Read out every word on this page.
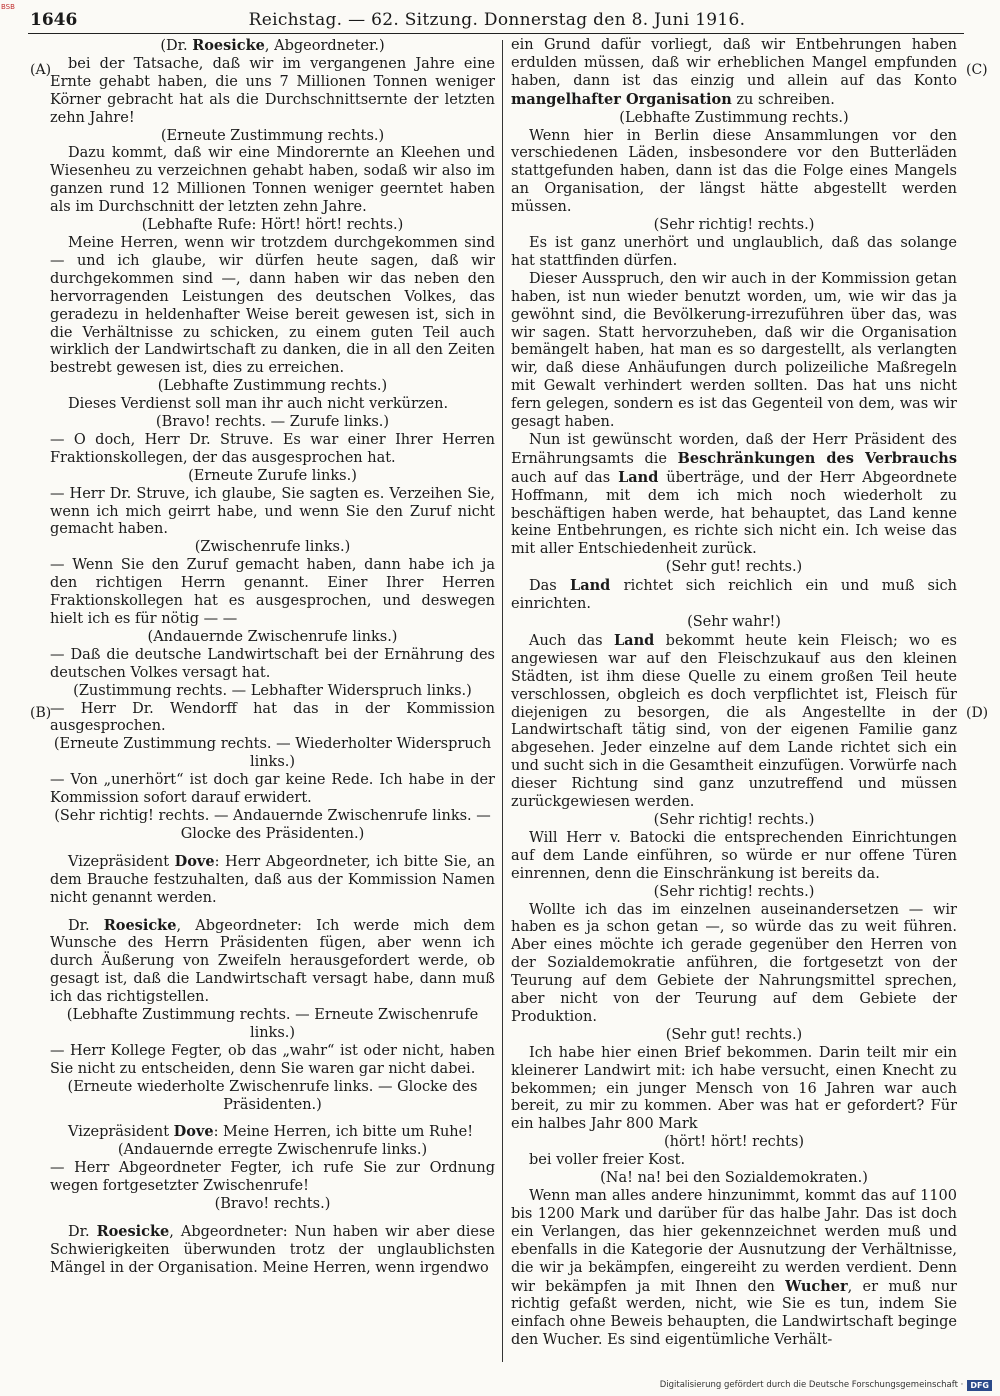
BSB
1646	Reichstag. — 62. Sitzung. Donnerstag den 8. Juni 1916.
(A)
(B)
(C)
(D)

(Dr. Roesicke, Abgeordneter.)

bei der Tatsache, daß wir im vergangenen Jahre eine Ernte gehabt haben, die uns 7 Millionen Tonnen weniger Körner gebracht hat als die Durchschnittsernte der letzten zehn Jahre!

(Erneute Zustimmung rechts.)

Dazu kommt, daß wir eine Mindorernte an Kleehen und Wiesenheu zu verzeichnen gehabt haben, sodaß wir also im ganzen rund 12 Millionen Tonnen weniger geerntet haben als im Durchschnitt der letzten zehn Jahre.

(Lebhafte Rufe: Hört! hört! rechts.)

Meine Herren, wenn wir trotzdem durchgekommen sind — und ich glaube, wir dürfen heute sagen, daß wir durchgekommen sind —, dann haben wir das neben den hervorragenden Leistungen des deutschen Volkes, das geradezu in heldenhafter Weise bereit gewesen ist, sich in die Verhältnisse zu schicken, zu einem guten Teil auch wirklich der Landwirtschaft zu danken, die in all den Zeiten bestrebt gewesen ist, dies zu erreichen.

(Lebhafte Zustimmung rechts.)

Dieses Verdienst soll man ihr auch nicht verkürzen.

(Bravo! rechts. — Zurufe links.)

— O doch, Herr Dr. Struve. Es war einer Ihrer Herren Fraktionskollegen, der das ausgesprochen hat.

(Erneute Zurufe links.)

— Herr Dr. Struve, ich glaube, Sie sagten es. Verzeihen Sie, wenn ich mich geirrt habe, und wenn Sie den Zuruf nicht gemacht haben.

(Zwischenrufe links.)

— Wenn Sie den Zuruf gemacht haben, dann habe ich ja den richtigen Herrn genannt. Einer Ihrer Herren Fraktionskollegen hat es ausgesprochen, und deswegen hielt ich es für nötig — —

(Andauernde Zwischenrufe links.)

— Daß die deutsche Landwirtschaft bei der Ernährung des deutschen Volkes versagt hat.

(Zustimmung rechts. — Lebhafter Widerspruch links.)

— Herr Dr. Wendorff hat das in der Kommission ausgesprochen.

(Erneute Zustimmung rechts. — Wiederholter Widerspruch links.)

— Von „unerhört“ ist doch gar keine Rede. Ich habe in der Kommission sofort darauf erwidert.

(Sehr richtig! rechts. — Andauernde Zwischenrufe links. — Glocke des Präsidenten.)

Vizepräsident Dove: Herr Abgeordneter, ich bitte Sie, an dem Brauche festzuhalten, daß aus der Kommission Namen nicht genannt werden.

Dr. Roesicke, Abgeordneter: Ich werde mich dem Wunsche des Herrn Präsidenten fügen, aber wenn ich durch Äußerung von Zweifeln herausgefordert werde, ob gesagt ist, daß die Landwirtschaft versagt habe, dann muß ich das richtigstellen.

(Lebhafte Zustimmung rechts. — Erneute Zwischenrufe links.)

— Herr Kollege Fegter, ob das „wahr“ ist oder nicht, haben Sie nicht zu entscheiden, denn Sie waren gar nicht dabei.

(Erneute wiederholte Zwischenrufe links. — Glocke des Präsidenten.)

Vizepräsident Dove: Meine Herren, ich bitte um Ruhe!

(Andauernde erregte Zwischenrufe links.)

— Herr Abgeordneter Fegter, ich rufe Sie zur Ordnung wegen fortgesetzter Zwischenrufe!

(Bravo! rechts.)

Dr. Roesicke, Abgeordneter: Nun haben wir aber diese Schwierigkeiten überwunden trotz der unglaublichsten Mängel in der Organisation. Meine Herren, wenn irgendwo

ein Grund dafür vorliegt, daß wir Entbehrungen haben erdulden müssen, daß wir erheblichen Mangel empfunden haben, dann ist das einzig und allein auf das Konto mangelhafter Organisation zu schreiben.

(Lebhafte Zustimmung rechts.)

Wenn hier in Berlin diese Ansammlungen vor den verschiedenen Läden, insbesondere vor den Butterläden stattgefunden haben, dann ist das die Folge eines Mangels an Organisation, der längst hätte abgestellt werden müssen.

(Sehr richtig! rechts.)

Es ist ganz unerhört und unglaublich, daß das solange hat stattfinden dürfen.

Dieser Ausspruch, den wir auch in der Kommission getan haben, ist nun wieder benutzt worden, um, wie wir das ja gewöhnt sind, die Bevölkerung-irrezuführen über das, was wir sagen. Statt hervorzuheben, daß wir die Organisation bemängelt haben, hat man es so dargestellt, als verlangten wir, daß diese Anhäufungen durch polizeiliche Maßregeln mit Gewalt verhindert werden sollten. Das hat uns nicht fern gelegen, sondern es ist das Gegenteil von dem, was wir gesagt haben.

Nun ist gewünscht worden, daß der Herr Präsident des Ernährungsamts die Beschränkungen des Verbrauchs auch auf das Land überträge, und der Herr Abgeordnete Hoffmann, mit dem ich mich noch wiederholt zu beschäftigen haben werde, hat behauptet, das Land kenne keine Entbehrungen, es richte sich nicht ein. Ich weise das mit aller Entschiedenheit zurück.

(Sehr gut! rechts.)

Das Land richtet sich reichlich ein und muß sich einrichten.

(Sehr wahr!)

Auch das Land bekommt heute kein Fleisch; wo es angewiesen war auf den Fleischzukauf aus den kleinen Städten, ist ihm diese Quelle zu einem großen Teil heute verschlossen, obgleich es doch verpflichtet ist, Fleisch für diejenigen zu besorgen, die als Angestellte in der Landwirtschaft tätig sind, von der eigenen Familie ganz abgesehen. Jeder einzelne auf dem Lande richtet sich ein und sucht sich in die Gesamtheit einzufügen. Vorwürfe nach dieser Richtung sind ganz unzutreffend und müssen zurückgewiesen werden.

(Sehr richtig! rechts.)

Will Herr v. Batocki die entsprechenden Einrichtungen auf dem Lande einführen, so würde er nur offene Türen einrennen, denn die Einschränkung ist bereits da.

(Sehr richtig! rechts.)

Wollte ich das im einzelnen auseinandersetzen — wir haben es ja schon getan —, so würde das zu weit führen. Aber eines möchte ich gerade gegenüber den Herren von der Sozialdemokratie anführen, die fortgesetzt von der Teurung auf dem Gebiete der Nahrungsmittel sprechen, aber nicht von der Teurung auf dem Gebiete der Produktion.

(Sehr gut! rechts.)

Ich habe hier einen Brief bekommen. Darin teilt mir ein kleinerer Landwirt mit: ich habe versucht, einen Knecht zu bekommen; ein junger Mensch von 16 Jahren war auch bereit, zu mir zu kommen. Aber was hat er gefordert? Für ein halbes Jahr 800 Mark

(hört! hört! rechts)

bei voller freier Kost.

(Na! na! bei den Sozialdemokraten.)

Wenn man alles andere hinzunimmt, kommt das auf 1100 bis 1200 Mark und darüber für das halbe Jahr. Das ist doch ein Verlangen, das hier gekennzeichnet werden muß und ebenfalls in die Kategorie der Ausnutzung der Verhältnisse, die wir ja bekämpfen, eingereiht zu werden verdient. Denn wir bekämpfen ja mit Ihnen den Wucher, er muß nur richtig gefaßt werden, nicht, wie Sie es tun, indem Sie einfach ohne Beweis behaupten, die Landwirtschaft beginge den Wucher. Es sind eigentümliche Verhält-

Digitalisierung gefördert durch die Deutsche Forschungsgemeinschaft · DFG
